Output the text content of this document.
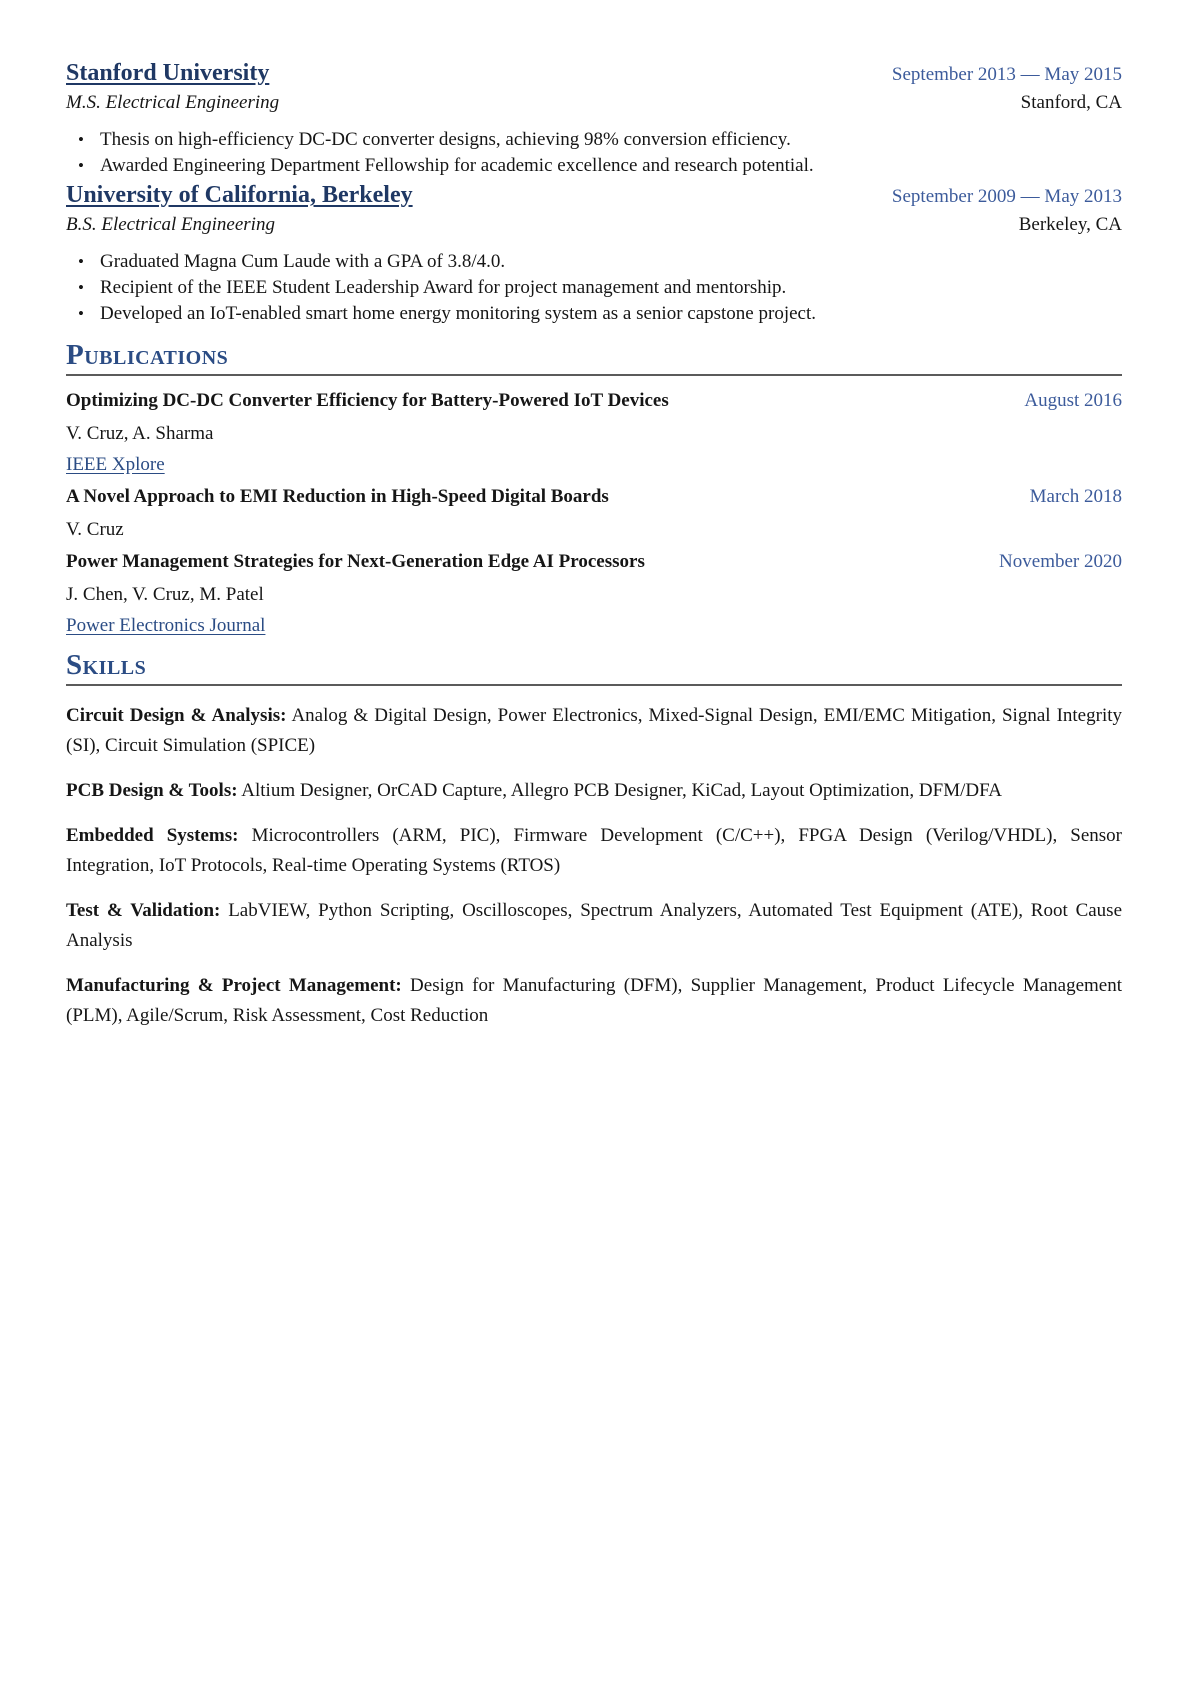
Stanford University	September 2013 — May 2015
M.S. Electrical Engineering	Stanford, CA
• Thesis on high-efficiency DC-DC converter designs, achieving 98% conversion efficiency.
• Awarded Engineering Department Fellowship for academic excellence and research potential.
University of California, Berkeley	September 2009 — May 2013
B.S. Electrical Engineering	Berkeley, CA
• Graduated Magna Cum Laude with a GPA of 3.8/4.0.
• Recipient of the IEEE Student Leadership Award for project management and mentorship.
• Developed an IoT-enabled smart home energy monitoring system as a senior capstone project.
Publications
Optimizing DC-DC Converter Efficiency for Battery-Powered IoT Devices	August 2016
V. Cruz, A. Sharma
IEEE Xplore
A Novel Approach to EMI Reduction in High-Speed Digital Boards	March 2018
V. Cruz
Power Management Strategies for Next-Generation Edge AI Processors	November 2020
J. Chen, V. Cruz, M. Patel
Power Electronics Journal
Skills

Circuit Design & Analysis: Analog & Digital Design, Power Electronics, Mixed-Signal Design, EMI/EMC Mitigation, Signal Integrity (SI), Circuit Simulation (SPICE)

PCB Design & Tools: Altium Designer, OrCAD Capture, Allegro PCB Designer, KiCad, Layout Optimization, DFM/DFA

Embedded Systems: Microcontrollers (ARM, PIC), Firmware Development (C/C++), FPGA Design (Verilog/VHDL), Sensor Integration, IoT Protocols, Real-time Operating Systems (RTOS)

Test & Validation: LabVIEW, Python Scripting, Oscilloscopes, Spectrum Analyzers, Automated Test Equipment (ATE), Root Cause Analysis

Manufacturing & Project Management: Design for Manufacturing (DFM), Supplier Management, Product Lifecycle Management (PLM), Agile/Scrum, Risk Assessment, Cost Reduction
